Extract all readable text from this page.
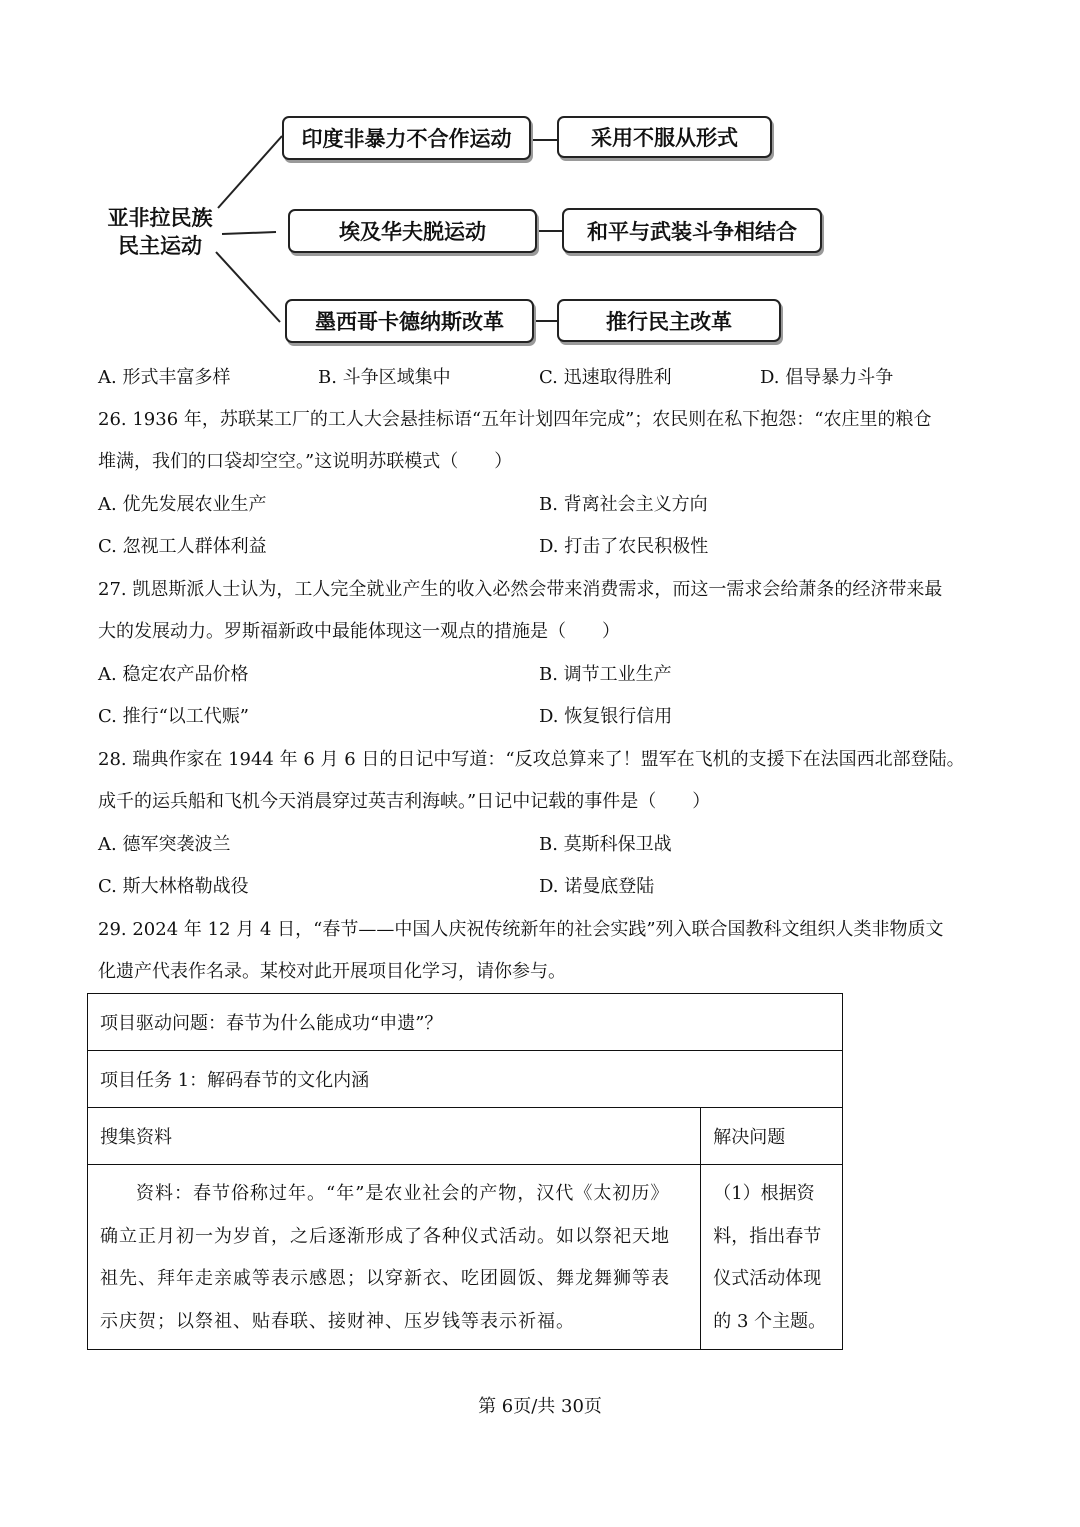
亚非拉民族
民主运动
印度非暴力不合作运动	采用不服从形式
埃及华夫脱运动	和平与武装斗争相结合
墨西哥卡德纳斯改革	推行民主改革
A. 形式丰富多样	B. 斗争区域集中	C. 迅速取得胜利	D. 倡导暴力斗争
26. 1936 年，苏联某工厂的工人大会悬挂标语“五年计划四年完成”；农民则在私下抱怨：“农庄里的粮仓
堆满，我们的口袋却空空。”这说明苏联模式（　　）
A. 优先发展农业生产	B. 背离社会主义方向
C. 忽视工人群体利益	D. 打击了农民积极性
27. 凯恩斯派人士认为，工人完全就业产生的收入必然会带来消费需求，而这一需求会给萧条的经济带来最
大的发展动力。罗斯福新政中最能体现这一观点的措施是（　　）
A. 稳定农产品价格	B. 调节工业生产
C. 推行“以工代赈”	D. 恢复银行信用
28. 瑞典作家在 1944 年 6 月 6 日的日记中写道：“反攻总算来了！盟军在飞机的支援下在法国西北部登陆。
成千的运兵船和飞机今天消晨穿过英吉利海峡。”日记中记载的事件是（　　）
A. 德军突袭波兰	B. 莫斯科保卫战
C. 斯大林格勒战役	D. 诺曼底登陆
29. 2024 年 12 月 4 日，“春节——中国人庆祝传统新年的社会实践”列入联合国教科文组织人类非物质文
化遗产代表作名录。某校对此开展项目化学习，请你参与。
项目驱动问题：春节为什么能成功“申遗”？	
项目任务 1：解码春节的文化内涵	
搜集资料	解决问题
资料：春节俗称过年。“年”是农业社会的产物，汉代《太初历》确立正月初一为岁首，之后逐渐形成了各种仪式活动。如以祭祀天地祖先、拜年走亲戚等表示感恩；以穿新衣、吃团圆饭、舞龙舞狮等表示庆贺；以祭祖、贴春联、接财神、压岁钱等表示祈福。	（1）根据资料，指出春节仪式活动体现的 3 个主题。
第 6页/共 30页
